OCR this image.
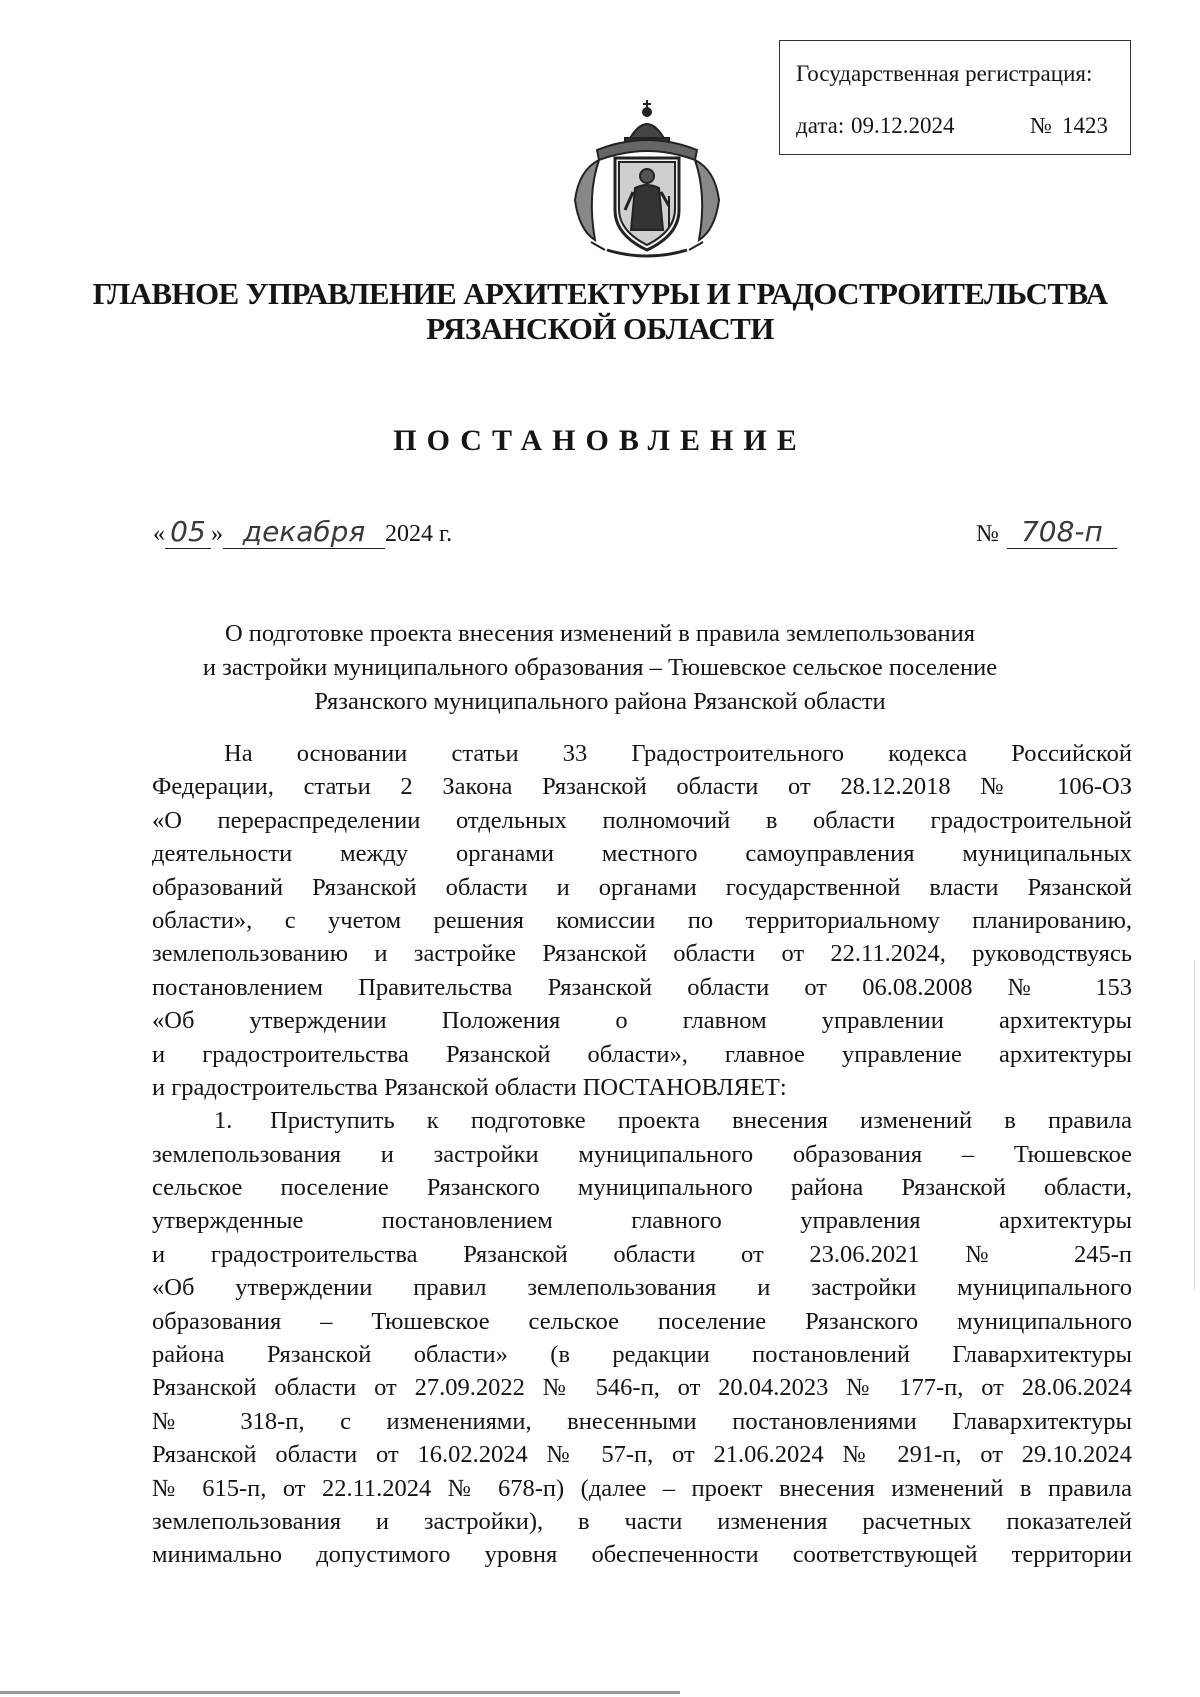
Государственная регистрация:
дата: 09.12.2024	№ 1423
ГЛАВНОЕ УПРАВЛЕНИЕ АРХИТЕКТУРЫ И ГРАДОСТРОИТЕЛЬСТВА
РЯЗАНСКОЙ ОБЛАСТИ
ПОСТАНОВЛЕНИЕ
« 05 » декабря 2024 г.	№ 708-п
О подготовке проекта внесения изменений в правила землепользования
и застройки муниципального образования – Тюшевское сельское поселение
Рязанского муниципального района Рязанской области
На основании статьи 33 Градостроительного кодекса Российской
Федерации, статьи 2 Закона Рязанской области от 28.12.2018 № 106-ОЗ
«О перераспределении отдельных полномочий в области градостроительной
деятельности между органами местного самоуправления муниципальных
образований Рязанской области и органами государственной власти Рязанской
области», с учетом решения комиссии по территориальному планированию,
землепользованию и застройке Рязанской области от 22.11.2024, руководствуясь
постановлением Правительства Рязанской области от 06.08.2008 № 153
«Об утверждении Положения о главном управлении архитектуры
и градостроительства Рязанской области», главное управление архитектуры
и градостроительства Рязанской области ПОСТАНОВЛЯЕТ:
1. Приступить к подготовке проекта внесения изменений в правила
землепользования и застройки муниципального образования – Тюшевское
сельское поселение Рязанского муниципального района Рязанской области,
утвержденные постановлением главного управления архитектуры
и градостроительства Рязанской области от 23.06.2021 № 245-п
«Об утверждении правил землепользования и застройки муниципального
образования – Тюшевское сельское поселение Рязанского муниципального
района Рязанской области» (в редакции постановлений Главархитектуры
Рязанской области от 27.09.2022 № 546-п, от 20.04.2023 № 177-п, от 28.06.2024
№ 318-п, с изменениями, внесенными постановлениями Главархитектуры
Рязанской области от 16.02.2024 № 57-п, от 21.06.2024 № 291-п, от 29.10.2024
№ 615-п, от 22.11.2024 № 678-п) (далее – проект внесения изменений в правила
землепользования и застройки), в части изменения расчетных показателей
минимально допустимого уровня обеспеченности соответствующей территории
